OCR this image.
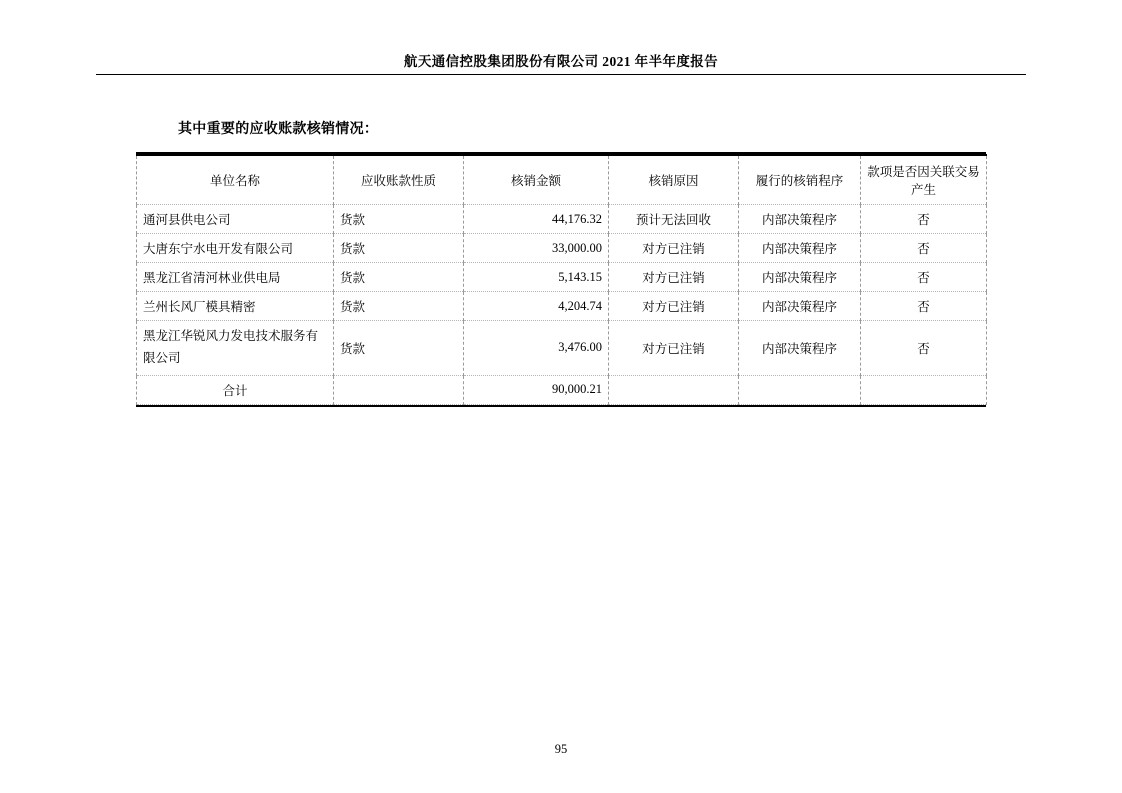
航天通信控股集团股份有限公司 2021 年半年度报告
其中重要的应收账款核销情况：
单位名称	应收账款性质	核销金额	核销原因	履行的核销程序	款项是否因关联交易产生
通河县供电公司	货款	44,176.32	预计无法回收	内部决策程序	否
大唐东宁水电开发有限公司	货款	33,000.00	对方已注销	内部决策程序	否
黑龙江省清河林业供电局	货款	5,143.15	对方已注销	内部决策程序	否
兰州长风厂模具精密	货款	4,204.74	对方已注销	内部决策程序	否
黑龙江华锐风力发电技术服务有限公司	货款	3,476.00	对方已注销	内部决策程序	否
合计		90,000.21			
95
